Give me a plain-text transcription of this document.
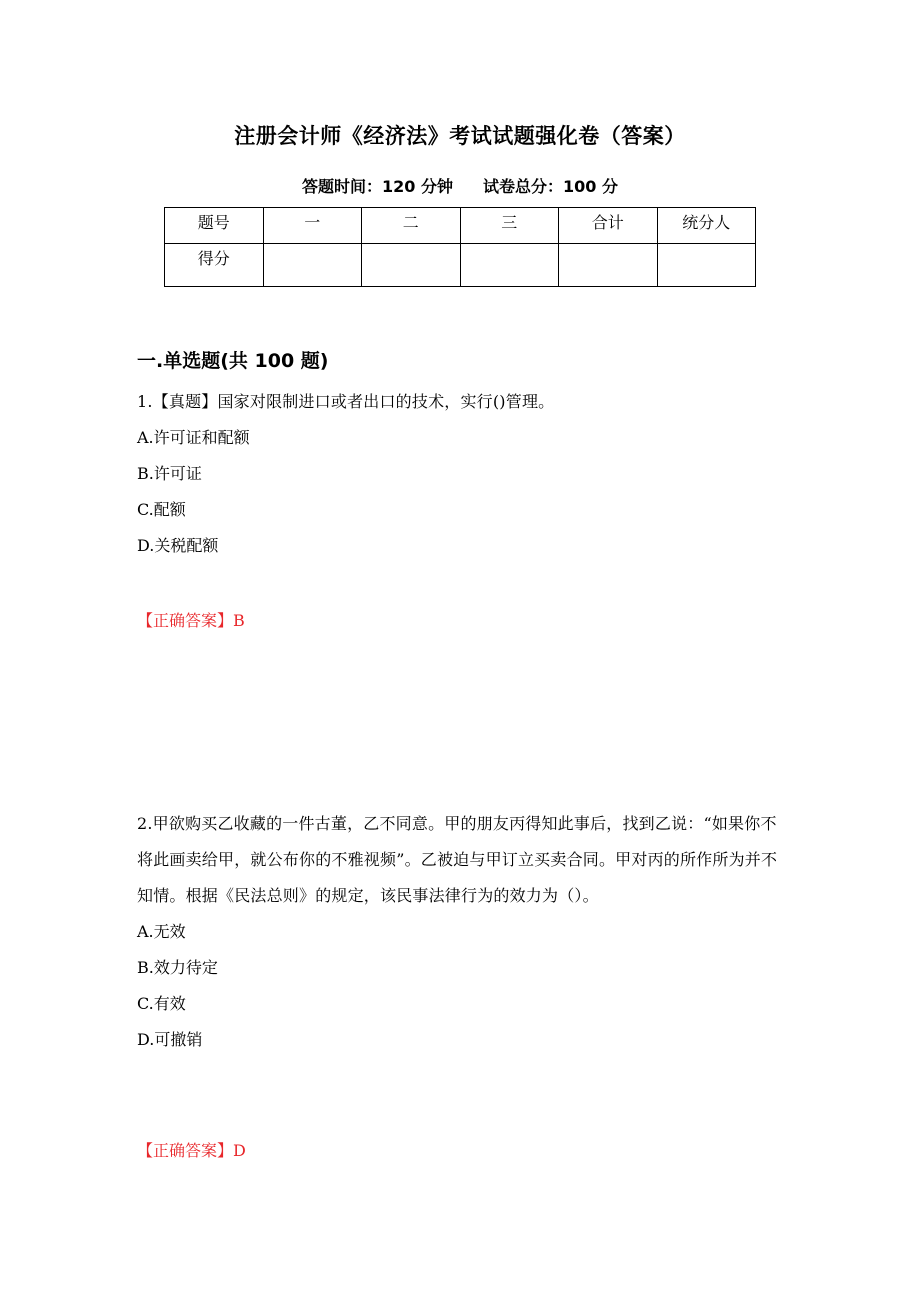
注册会计师《经济法》考试试题强化卷（答案）
答题时间：120 分钟 试卷总分：100 分
题号	一	二	三	合计	统分人
得分					
一.单选题(共 100 题)
1.【真题】国家对限制进口或者出口的技术，实行()管理。
A.许可证和配额
B.许可证
C.配额
D.关税配额
【正确答案】B
2.甲欲购买乙收藏的一件古董，乙不同意。甲的朋友丙得知此事后，找到乙说：“如果你不将此画卖给甲，就公布你的不雅视频”。乙被迫与甲订立买卖合同。甲对丙的所作所为并不知情。根据《民法总则》的规定，该民事法律行为的效力为（）。
A.无效
B.效力待定
C.有效
D.可撤销
【正确答案】D
